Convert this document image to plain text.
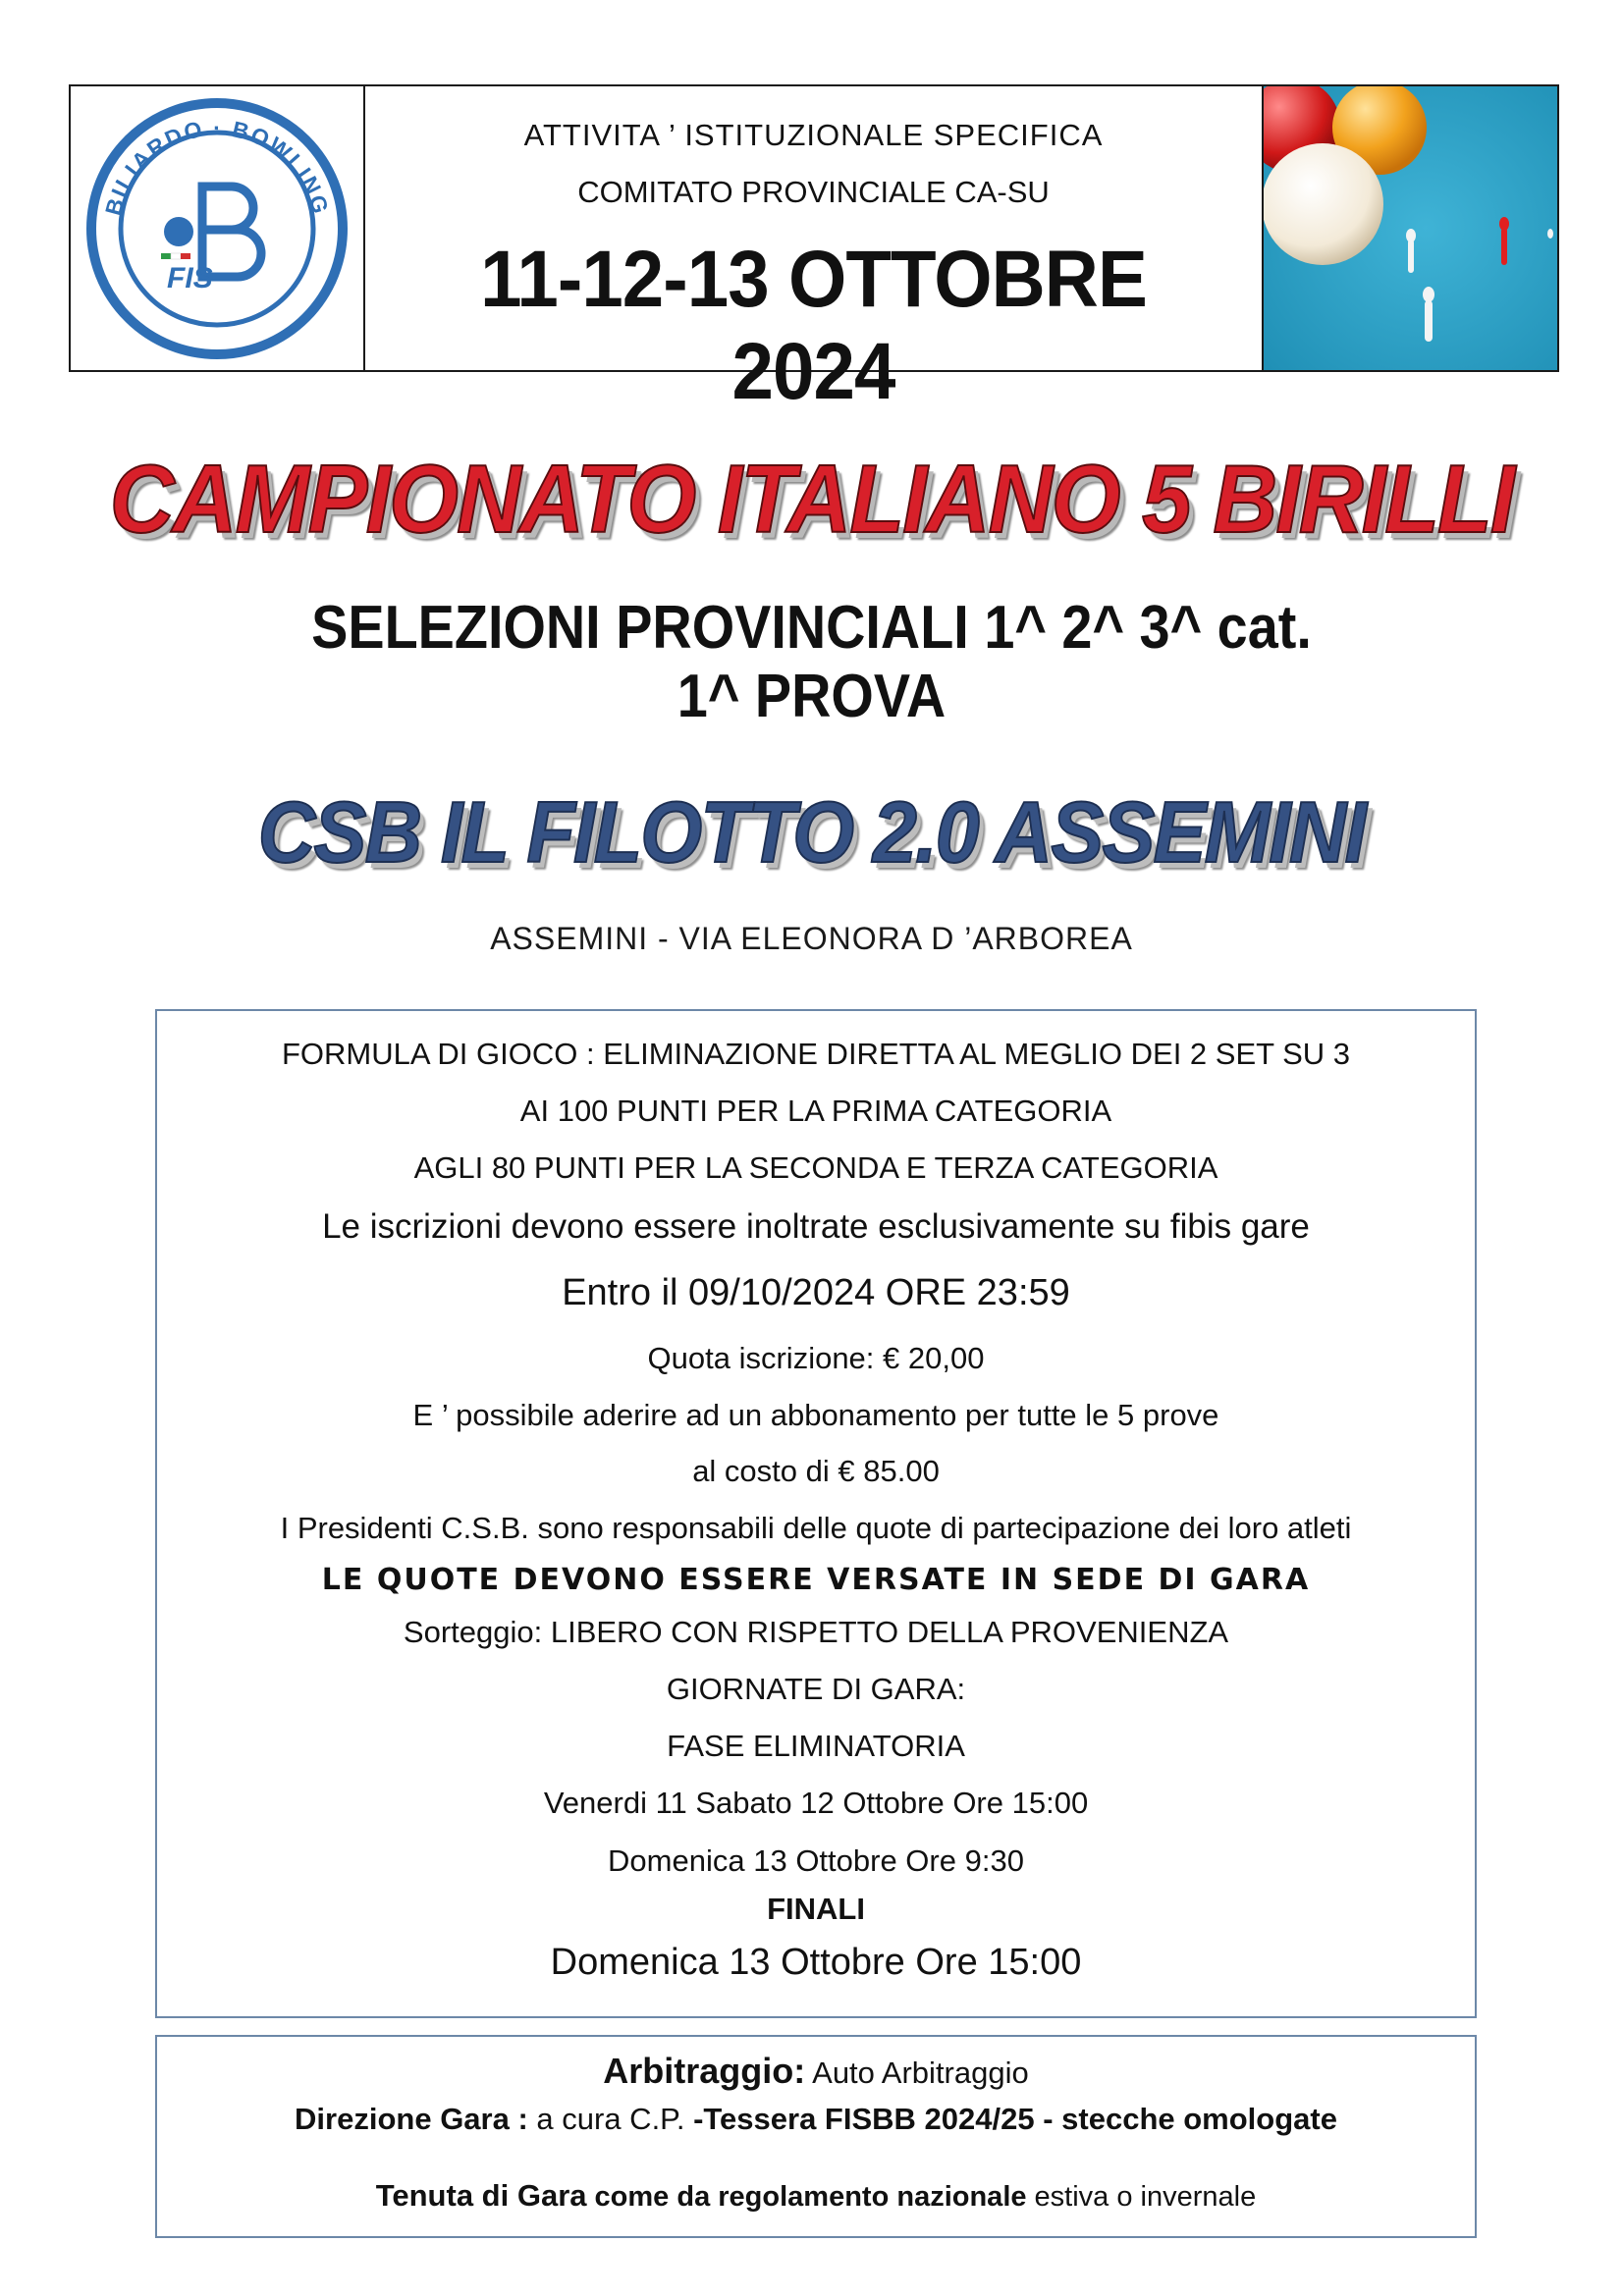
BILIARDO · BOWLING
FIS
ATTIVITA ’ ISTITUZIONALE SPECIFICA
COMITATO PROVINCIALE CA-SU
11-12-13 OTTOBRE 2024
CAMPIONATO ITALIANO 5 BIRILLI
SELEZIONI PROVINCIALI 1^ 2^ 3^ cat.
1^ PROVA
CSB IL FILOTTO 2.0 ASSEMINI
ASSEMINI - VIA ELEONORA D ’ARBOREA
FORMULA DI GIOCO : ELIMINAZIONE DIRETTA AL MEGLIO DEI 2 SET SU 3
AI 100 PUNTI PER LA PRIMA CATEGORIA
AGLI 80 PUNTI PER LA SECONDA E TERZA CATEGORIA
Le iscrizioni devono essere inoltrate esclusivamente su fibis gare
Entro il 09/10/2024 ORE 23:59
Quota iscrizione: € 20,00
E ’ possibile aderire ad un abbonamento per tutte le 5 prove
al costo di € 85.00
I Presidenti C.S.B. sono responsabili delle quote di partecipazione dei loro atleti
LE QUOTE DEVONO ESSERE VERSATE IN SEDE DI GARA
Sorteggio: LIBERO CON RISPETTO DELLA PROVENIENZA
GIORNATE DI GARA:
FASE ELIMINATORIA
Venerdi 11 Sabato 12 Ottobre Ore 15:00
Domenica 13 Ottobre Ore 9:30
FINALI
Domenica 13 Ottobre Ore 15:00
Arbitraggio: Auto Arbitraggio
Direzione Gara : a cura C.P. -Tessera FISBB 2024/25 - stecche omologate
Tenuta di Gara come da regolamento nazionale estiva o invernale
